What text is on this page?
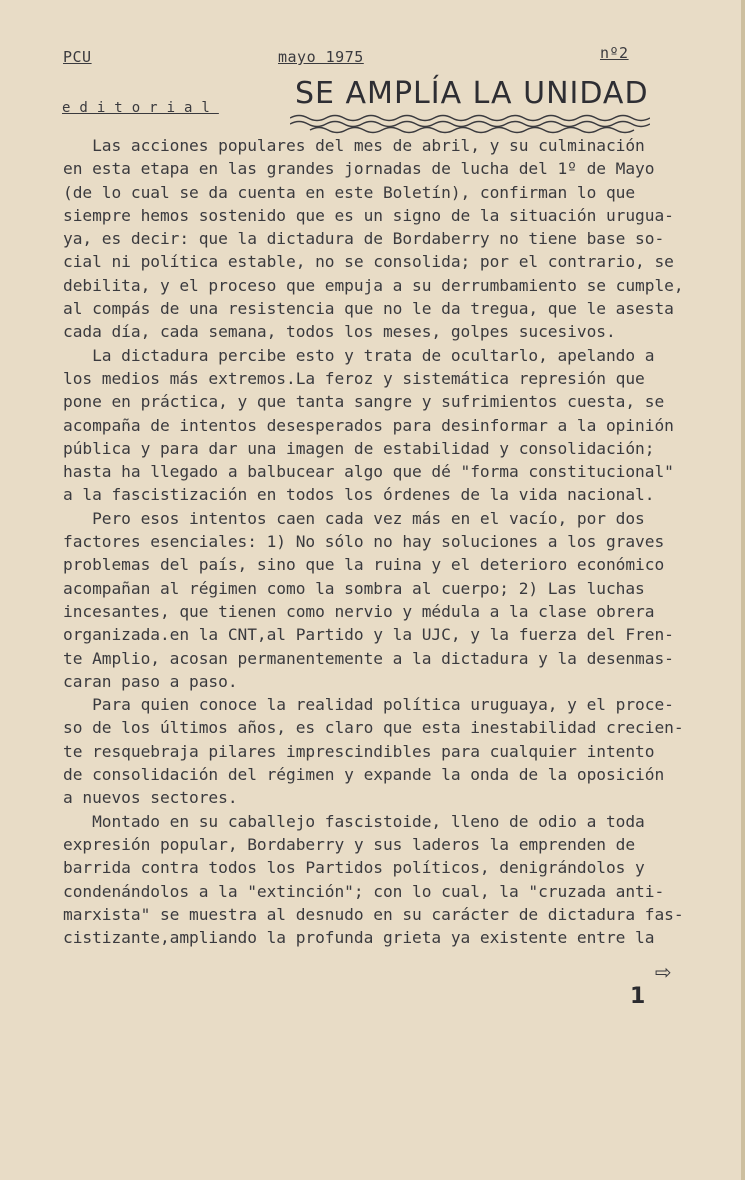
PCU	mayo 1975	nº2
editorial	SE AMPLÍA LA UNIDAD
Las acciones populares del mes de abril, y su culminación
en esta etapa en las grandes jornadas de lucha del 1º de Mayo
(de lo cual se da cuenta en este Boletín), confirman lo que
siempre hemos sostenido que es un signo de la situación urugua-
ya, es decir: que la dictadura de Bordaberry no tiene base so-
cial ni política estable, no se consolida; por el contrario, se
debilita, y el proceso que empuja a su derrumbamiento se cumple,
al compás de una resistencia que no le da tregua, que le asesta
cada día, cada semana, todos los meses, golpes sucesivos.
La dictadura percibe esto y trata de ocultarlo, apelando a
los medios más extremos.La feroz y sistemática represión que
pone en práctica, y que tanta sangre y sufrimientos cuesta, se
acompaña de intentos desesperados para desinformar a la opinión
pública y para dar una imagen de estabilidad y consolidación;
hasta ha llegado a balbucear algo que dé "forma constitucional"
a la fascistización en todos los órdenes de la vida nacional.
Pero esos intentos caen cada vez más en el vacío, por dos
factores esenciales: 1) No sólo no hay soluciones a los graves
problemas del país, sino que la ruina y el deterioro económico
acompañan al régimen como la sombra al cuerpo; 2) Las luchas
incesantes, que tienen como nervio y médula a la clase obrera
organizada.en la CNT,al Partido y la UJC, y la fuerza del Fren-
te Amplio, acosan permanentemente a la dictadura y la desenmas-
caran paso a paso.
Para quien conoce la realidad política uruguaya, y el proce-
so de los últimos años, es claro que esta inestabilidad crecien-
te resquebraja pilares imprescindibles para cualquier intento
de consolidación del régimen y expande la onda de la oposición
a nuevos sectores.
Montado en su caballejo fascistoide, lleno de odio a toda
expresión popular, Bordaberry y sus laderos la emprenden de
barrida contra todos los Partidos políticos, denigrándolos y
condenándolos a la "extinción"; con lo cual, la "cruzada anti-
marxista" se muestra al desnudo en su carácter de dictadura fas-
cistizante,ampliando la profunda grieta ya existente entre la
⇨
1
